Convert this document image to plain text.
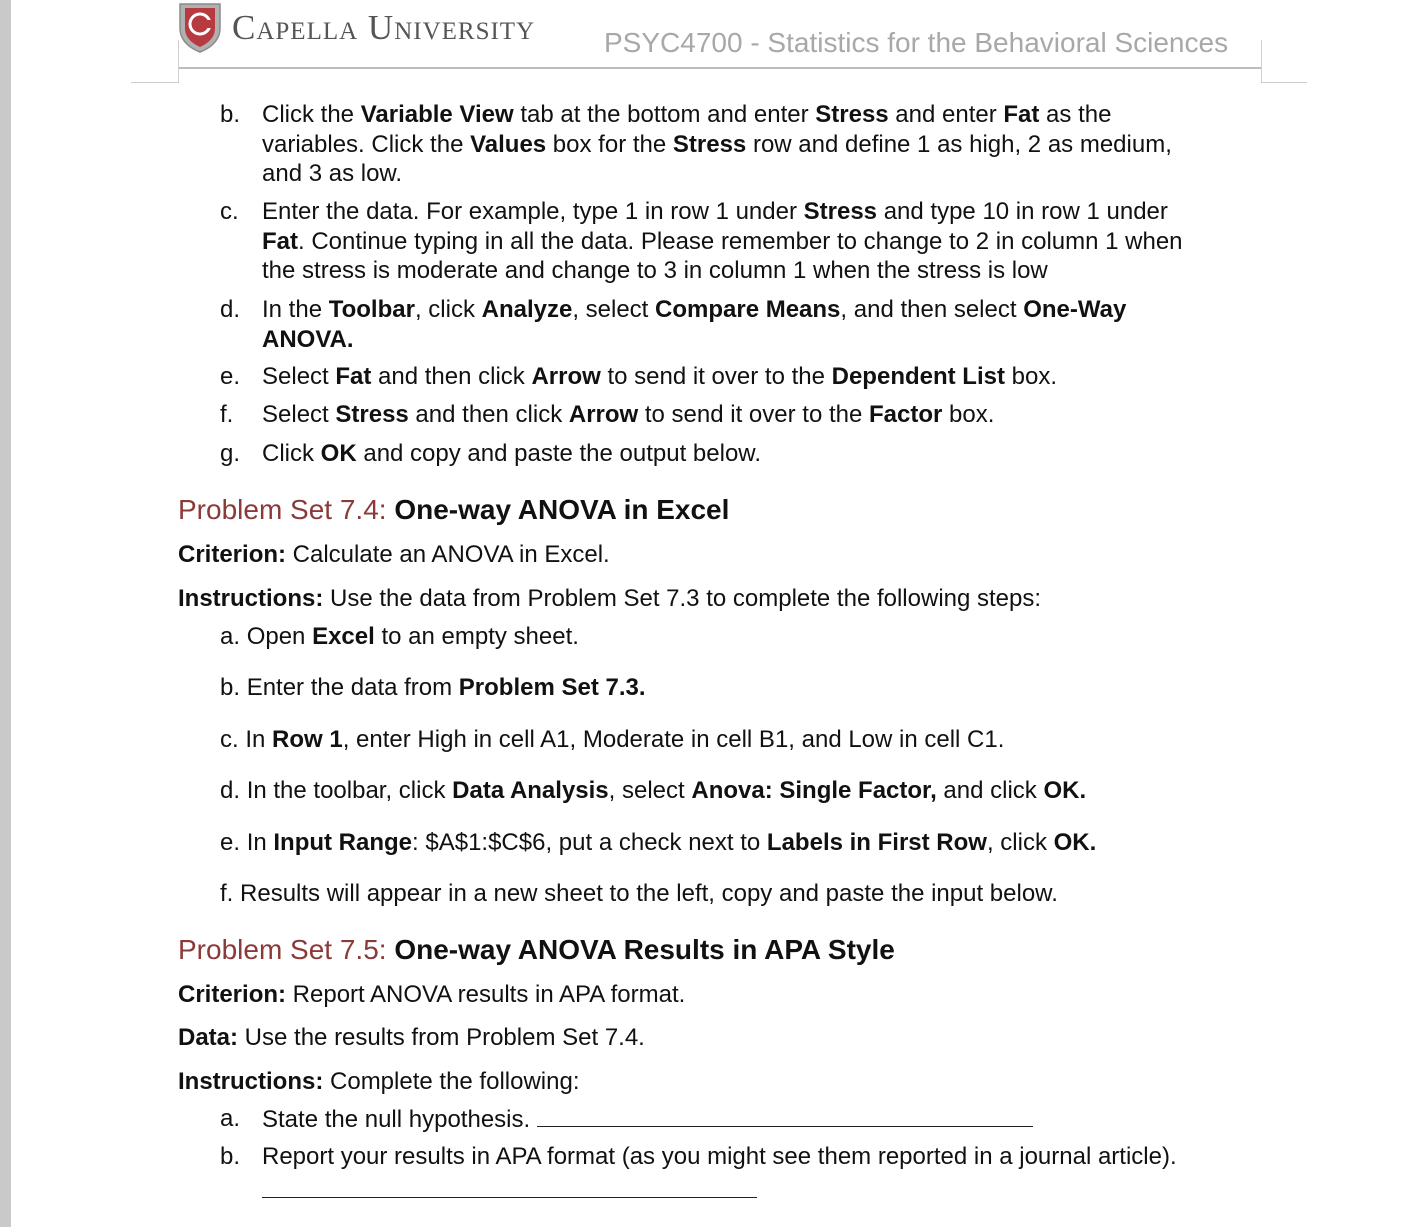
Capella University PSYC4700 - Statistics for the Behavioral Sciences
b. Click the Variable View tab at the bottom and enter Stress and enter Fat as the
variables. Click the Values box for the Stress row and define 1 as high, 2 as medium,
and 3 as low.
c. Enter the data. For example, type 1 in row 1 under Stress and type 10 in row 1 under
Fat. Continue typing in all the data. Please remember to change to 2 in column 1 when
the stress is moderate and change to 3 in column 1 when the stress is low
d. In the Toolbar, click Analyze, select Compare Means, and then select One-Way
ANOVA.
e. Select Fat and then click Arrow to send it over to the Dependent List box.
f. Select Stress and then click Arrow to send it over to the Factor box.
g. Click OK and copy and paste the output below.
Problem Set 7.4: One-way ANOVA in Excel
Criterion: Calculate an ANOVA in Excel.
Instructions: Use the data from Problem Set 7.3 to complete the following steps:
a. Open Excel to an empty sheet.
b. Enter the data from Problem Set 7.3.
c. In Row 1, enter High in cell A1, Moderate in cell B1, and Low in cell C1.
d. In the toolbar, click Data Analysis, select Anova: Single Factor, and click OK.
e. In Input Range: $A$1:$C$6, put a check next to Labels in First Row, click OK.
f. Results will appear in a new sheet to the left, copy and paste the input below.
Problem Set 7.5: One-way ANOVA Results in APA Style
Criterion: Report ANOVA results in APA format.
Data: Use the results from Problem Set 7.4.
Instructions: Complete the following:
a. State the null hypothesis.
b. Report your results in APA format (as you might see them reported in a journal article).
